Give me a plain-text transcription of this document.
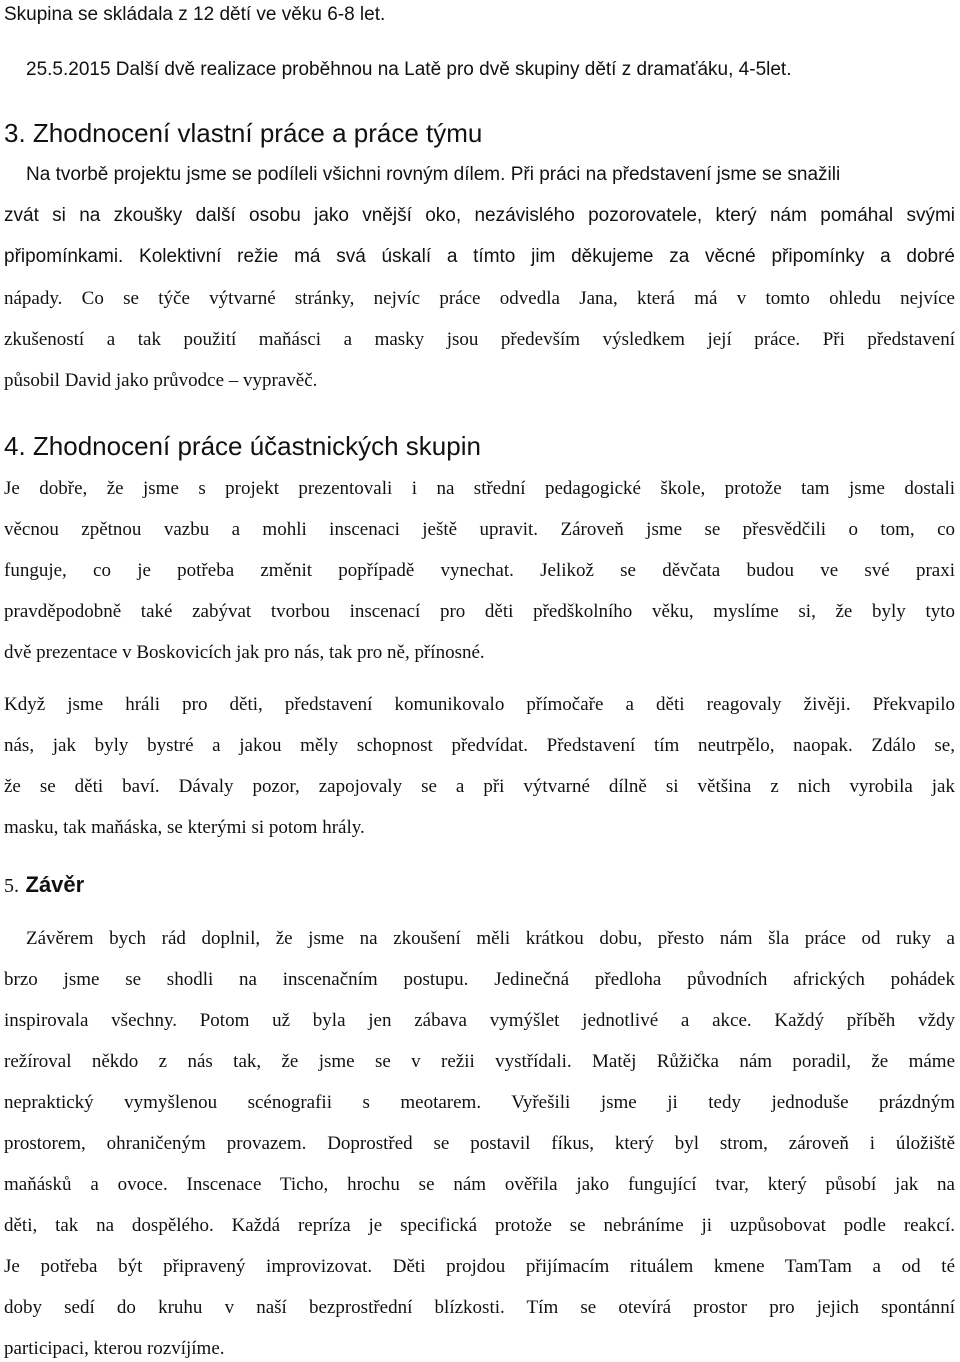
Skupina se skládala z 12 dětí ve věku 6-8 let.
25.5.2015 Další dvě realizace proběhnou na Latě pro dvě skupiny dětí z dramaťáku, 4-5let.
3. Zhodnocení vlastní práce a práce týmu
Na tvorbě projektu jsme se podíleli všichni rovným dílem. Při práci na představení jsme se snažili
zvát si na zkoušky další osobu jako vnější oko, nezávislého pozorovatele, který nám pomáhal svými
připomínkami. Kolektivní režie má svá úskalí a tímto jim děkujeme za věcné připomínky a dobré
nápady. Co se týče výtvarné stránky, nejvíc práce odvedla Jana, která má v tomto ohledu nejvíce
zkušeností a tak použití maňásci a masky jsou především výsledkem její práce. Při představení
působil David jako průvodce – vypravěč.
4. Zhodnocení práce účastnických skupin
Je dobře, že jsme s projekt prezentovali i na střední pedagogické škole, protože tam jsme dostali
věcnou zpětnou vazbu a mohli inscenaci ještě upravit. Zároveň jsme se přesvědčili o tom, co
funguje, co je potřeba změnit popřípadě vynechat. Jelikož se děvčata budou ve své praxi
pravděpodobně také zabývat tvorbou inscenací pro děti předškolního věku, myslíme si, že byly tyto
dvě prezentace v Boskovicích jak pro nás, tak pro ně, přínosné.
Když jsme hráli pro děti, představení komunikovalo přímočaře a děti reagovaly živěji. Překvapilo
nás, jak byly bystré a jakou měly schopnost předvídat. Představení tím neutrpělo, naopak. Zdálo se,
že se děti baví. Dávaly pozor, zapojovaly se a při výtvarné dílně si většina z nich vyrobila jak
masku, tak maňáska, se kterými si potom hrály.
5. Závěr
Závěrem bych rád doplnil, že jsme na zkoušení měli krátkou dobu, přesto nám šla práce od ruky a
brzo jsme se shodli na inscenačním postupu. Jedinečná předloha původních afrických pohádek
inspirovala všechny. Potom už byla jen zábava vymýšlet jednotlivé a akce. Každý příběh vždy
režíroval někdo z nás tak, že jsme se v režii vystřídali. Matěj Růžička nám poradil, že máme
nepraktický vymyšlenou scénografii s meotarem. Vyřešili jsme ji tedy jednoduše prázdným
prostorem, ohraničeným provazem. Doprostřed se postavil fíkus, který byl strom, zároveň i úložiště
maňásků a ovoce. Inscenace Ticho, hrochu se nám ověřila jako fungující tvar, který působí jak na
děti, tak na dospělého. Každá repríza je specifická protože se nebráníme ji uzpůsobovat podle reakcí.
Je potřeba být připravený improvizovat. Děti projdou přijímacím rituálem kmene TamTam a od té
doby sedí do kruhu v naší bezprostřední blízkosti. Tím se otevírá prostor pro jejich spontánní
participaci, kterou rozvíjíme.
